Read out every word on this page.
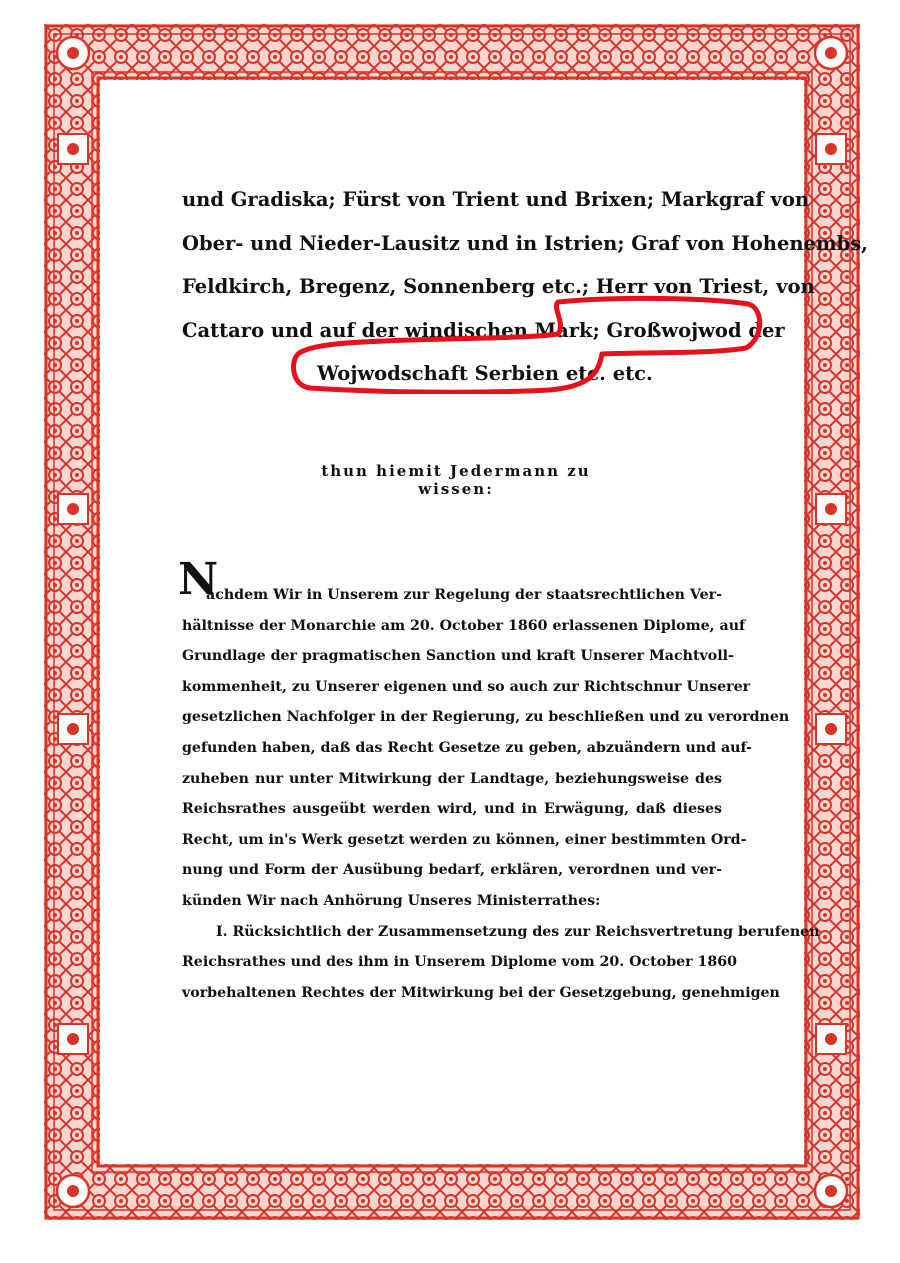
und Gradiska; Fürst von Trient und Brixen; Markgraf von
Ober- und Nieder-Lausitz und in Istrien; Graf von Hohenembs,
Feldkirch, Bregenz, Sonnenberg etc.; Herr von Triest, von
Cattaro und auf der windischen Mark; Großwojwod der
Wojwodschaft Serbien etc. etc.
thun hiemit Jedermann zu wissen:
N
achdem Wir in Unserem zur Regelung der staatsrechtlichen Ver-
hältnisse der Monarchie am 20. October 1860 erlassenen Diplome, auf
Grundlage der pragmatischen Sanction und kraft Unserer Machtvoll-
kommenheit, zu Unserer eigenen und so auch zur Richtschnur Unserer
gesetzlichen Nachfolger in der Regierung, zu beschließen und zu verordnen
gefunden haben, daß das Recht Gesetze zu geben, abzuändern und auf-
zuheben nur unter Mitwirkung der Landtage, beziehungsweise des
Reichsrathes ausgeübt werden wird, und in Erwägung, daß dieses
Recht, um in's Werk gesetzt werden zu können, einer bestimmten Ord-
nung und Form der Ausübung bedarf, erklären, verordnen und ver-
künden Wir nach Anhörung Unseres Ministerrathes:
I. Rücksichtlich der Zusammensetzung des zur Reichsvertretung berufenen
Reichsrathes und des ihm in Unserem Diplome vom 20. October 1860
vorbehaltenen Rechtes der Mitwirkung bei der Gesetzgebung, genehmigen
